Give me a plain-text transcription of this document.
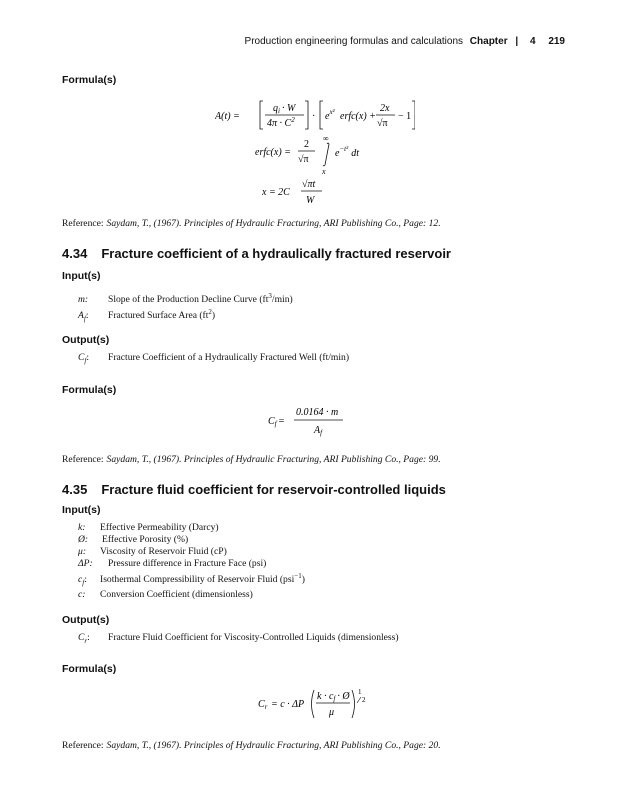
Production engineering formulas and calculations Chapter | 4 219
Formula(s)
A(t) =
$q_i \cdot W$
$4\pi \cdot C^2 \cdot e^{x^2}$ erfc(x) +
2x
√π
− 1
erfc(x) =
2
√π
∞
x
$e^{-t^2}$ dt
x = 2C
√πt
W
Reference: Saydam, T., (1967). Principles of Hydraulic Fracturing, ARI Publishing Co., Page: 12.
4.34 Fracture coefficient of a hydraulically fractured reservoir
Input(s)
m: Slope of the Production Decline Curve $(ft^3/\min)$
$A_f$: Fractured Surface Area $(ft^2)$
Output(s)
$C_f$: Fracture Coefficient of a Hydraulically Fractured Well (ft/min)
Formula(s)
$C_f$ =
0.0164 · m
$A_f$
Reference: Saydam, T., (1967). Principles of Hydraulic Fracturing, ARI Publishing Co., Page: 99.
4.35 Fracture fluid coefficient for reservoir-controlled liquids
Input(s)
k: Effective Permeability (Darcy)
Ø: Effective Porosity (%)
μ: Viscosity of Reservoir Fluid (cP)
ΔP: Pressure difference in Fracture Face (psi)
$c_f$: Isothermal Compressibility of Reservoir Fluid (psi$^{-1}$)
c: Conversion Coefficient (dimensionless)
Output(s)
$C_r$: Fracture Fluid Coefficient for Viscosity-Controlled Liquids (dimensionless)
Formula(s)
$C_r = c \cdot \Delta P$
$k \cdot c_f$ · Ø
μ
1
2
Reference: Saydam, T., (1967). Principles of Hydraulic Fracturing, ARI Publishing Co., Page: 20.
